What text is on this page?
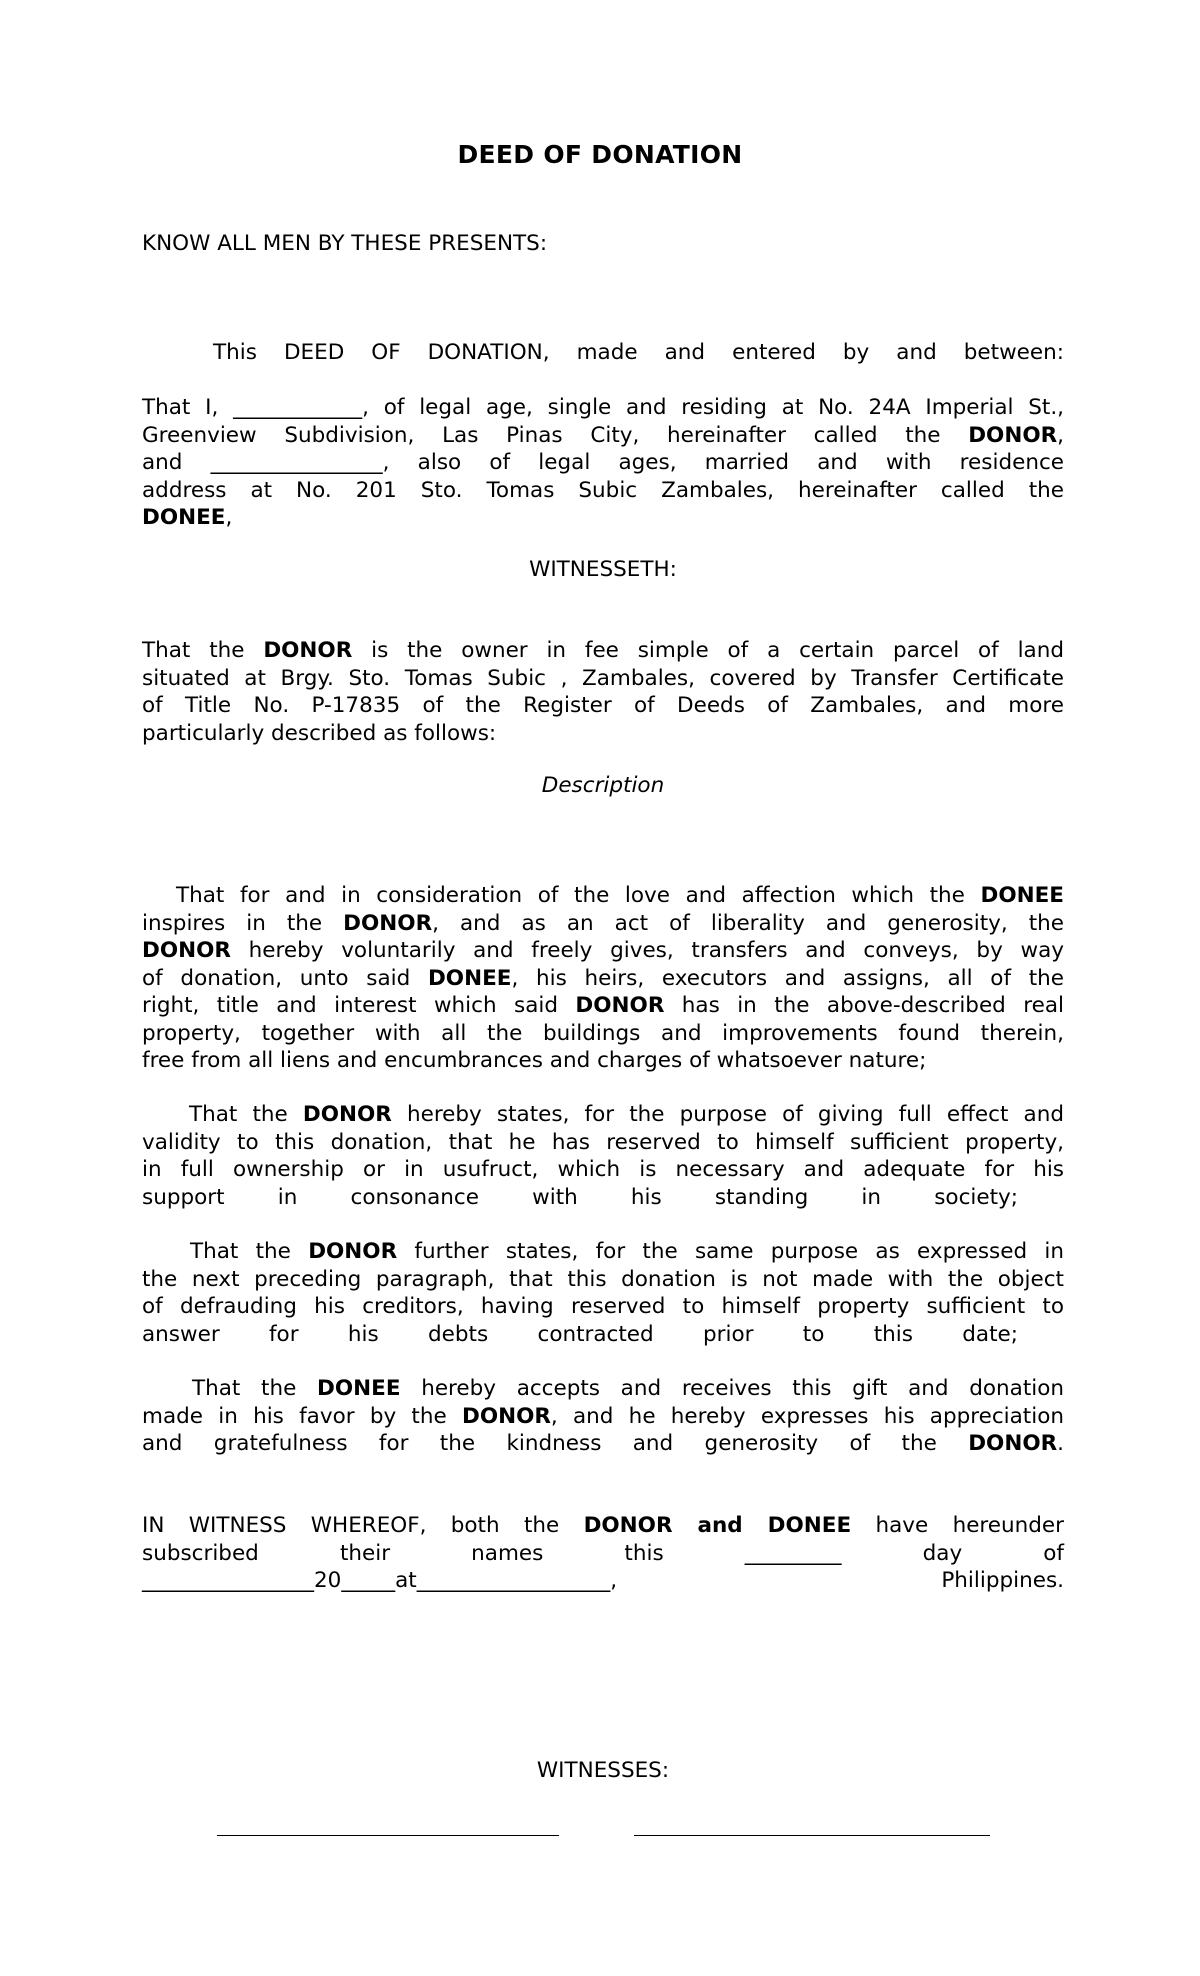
DEED OF DONATION
KNOW ALL MEN BY THESE PRESENTS:
This DEED OF DONATION, made and entered by and between:
That I, ____________, of legal age, single and residing at No. 24A Imperial St.,
Greenview Subdivision, Las Pinas City, hereinafter called the DONOR,
and ________________, also of legal ages, married and with residence
address at No. 201 Sto. Tomas Subic Zambales, hereinafter called the
DONEE,
WITNESSETH:
That the DONOR is the owner in fee simple of a certain parcel of land
situated at Brgy. Sto. Tomas Subic , Zambales, covered by Transfer Certificate
of Title No. P-17835 of the Register of Deeds of Zambales, and more
particularly described as follows:
Description
That for and in consideration of the love and affection which the DONEE
inspires in the DONOR, and as an act of liberality and generosity, the
DONOR hereby voluntarily and freely gives, transfers and conveys, by way
of donation, unto said DONEE, his heirs, executors and assigns, all of the
right, title and interest which said DONOR has in the above-described real
property, together with all the buildings and improvements found therein,
free from all liens and encumbrances and charges of whatsoever nature;
That the DONOR hereby states, for the purpose of giving full effect and
validity to this donation, that he has reserved to himself sufficient property,
in full ownership or in usufruct, which is necessary and adequate for his
support in consonance with his standing in society;
That the DONOR further states, for the same purpose as expressed in
the next preceding paragraph, that this donation is not made with the object
of defrauding his creditors, having reserved to himself property sufficient to
answer for his debts contracted prior to this date;
That the DONEE hereby accepts and receives this gift and donation
made in his favor by the DONOR, and he hereby expresses his appreciation
and gratefulness for the kindness and generosity of the DONOR.
IN WITNESS WHEREOF, both the DONOR and DONEE have hereunder
subscribed their names this _________ day of
________________20_____at__________________, Philippines.
WITNESSES:
